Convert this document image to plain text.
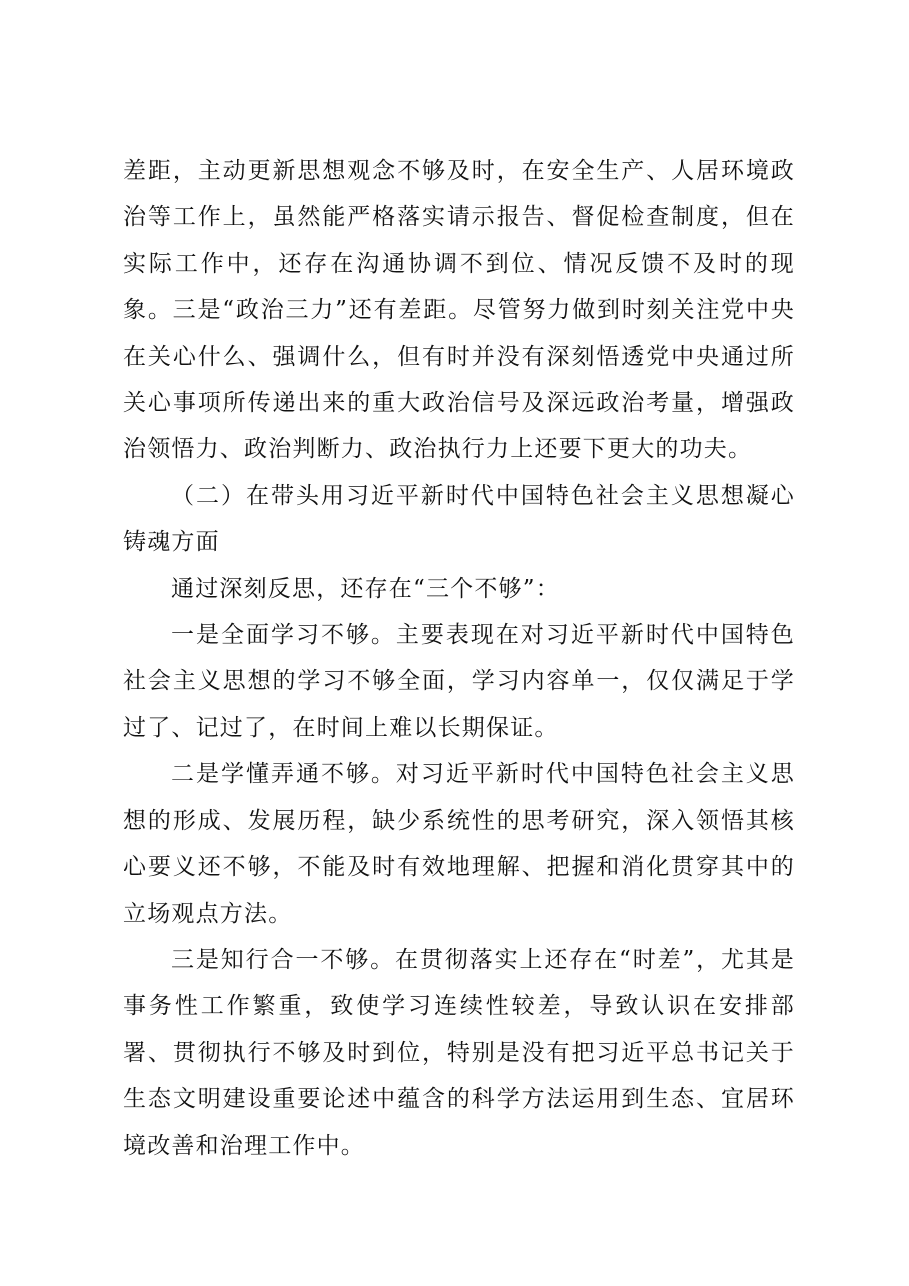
差距，主动更新思想观念不够及时，在安全生产、人居环境政治等工作上，虽然能严格落实请示报告、督促检查制度，但在实际工作中，还存在沟通协调不到位、情况反馈不及时的现象。三是“政治三力”还有差距。尽管努力做到时刻关注党中央在关心什么、强调什么，但有时并没有深刻悟透党中央通过所关心事项所传递出来的重大政治信号及深远政治考量，增强政治领悟力、政治判断力、政治执行力上还要下更大的功夫。

（二）在带头用习近平新时代中国特色社会主义思想凝心铸魂方面

通过深刻反思，还存在“三个不够”：

一是全面学习不够。主要表现在对习近平新时代中国特色社会主义思想的学习不够全面，学习内容单一，仅仅满足于学过了、记过了，在时间上难以长期保证。

二是学懂弄通不够。对习近平新时代中国特色社会主义思想的形成、发展历程，缺少系统性的思考研究，深入领悟其核心要义还不够，不能及时有效地理解、把握和消化贯穿其中的立场观点方法。

三是知行合一不够。在贯彻落实上还存在“时差”，尤其是事务性工作繁重，致使学习连续性较差，导致认识在安排部署、贯彻执行不够及时到位，特别是没有把习近平总书记关于生态文明建设重要论述中蕴含的科学方法运用到生态、宜居环境改善和治理工作中。
